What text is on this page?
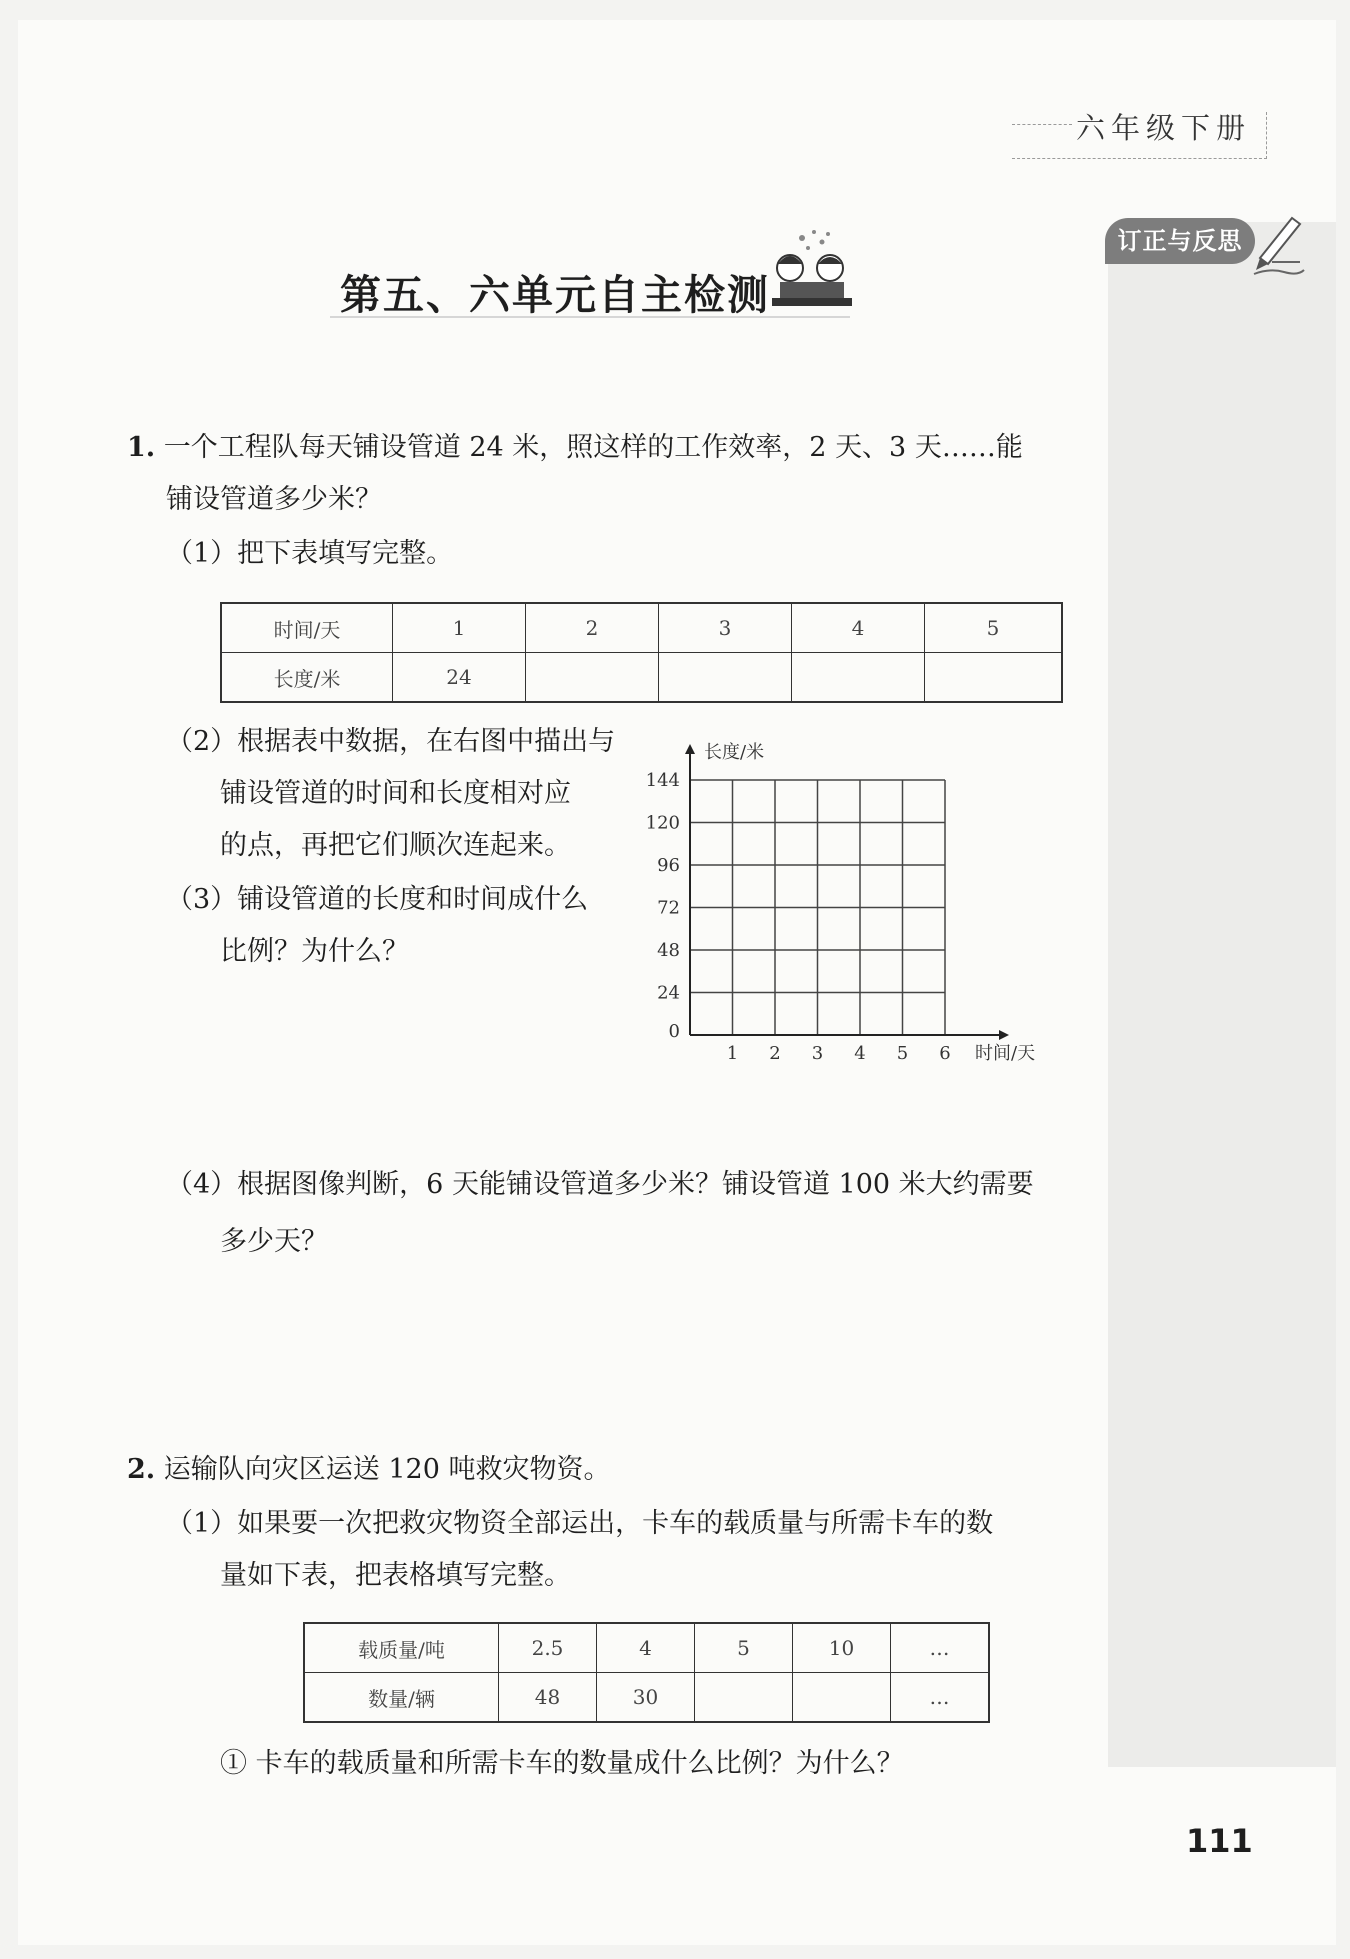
六年级下册
订正与反思
第五、六单元自主检测
1. 一个工程队每天铺设管道 24 米，照这样的工作效率，2 天、3 天……能
铺设管道多少米？
（1）把下表填写完整。
时间/天	1	2	3	4	5
长度/米	24				
（2）根据表中数据，在右图中描出与
铺设管道的时间和长度相对应
的点，再把它们顺次连起来。
（3）铺设管道的长度和时间成什么
比例？为什么？
1 2 3 4 5 6
0
24
48
72
96
120
144
时间/天
长度/米
（4）根据图像判断，6 天能铺设管道多少米？铺设管道 100 米大约需要
多少天？
2. 运输队向灾区运送 120 吨救灾物资。
（1）如果要一次把救灾物资全部运出，卡车的载质量与所需卡车的数
量如下表，把表格填写完整。
载质量/吨	2.5	4	5	10	…
数量/辆	48	30			…
① 卡车的载质量和所需卡车的数量成什么比例？为什么？
111
